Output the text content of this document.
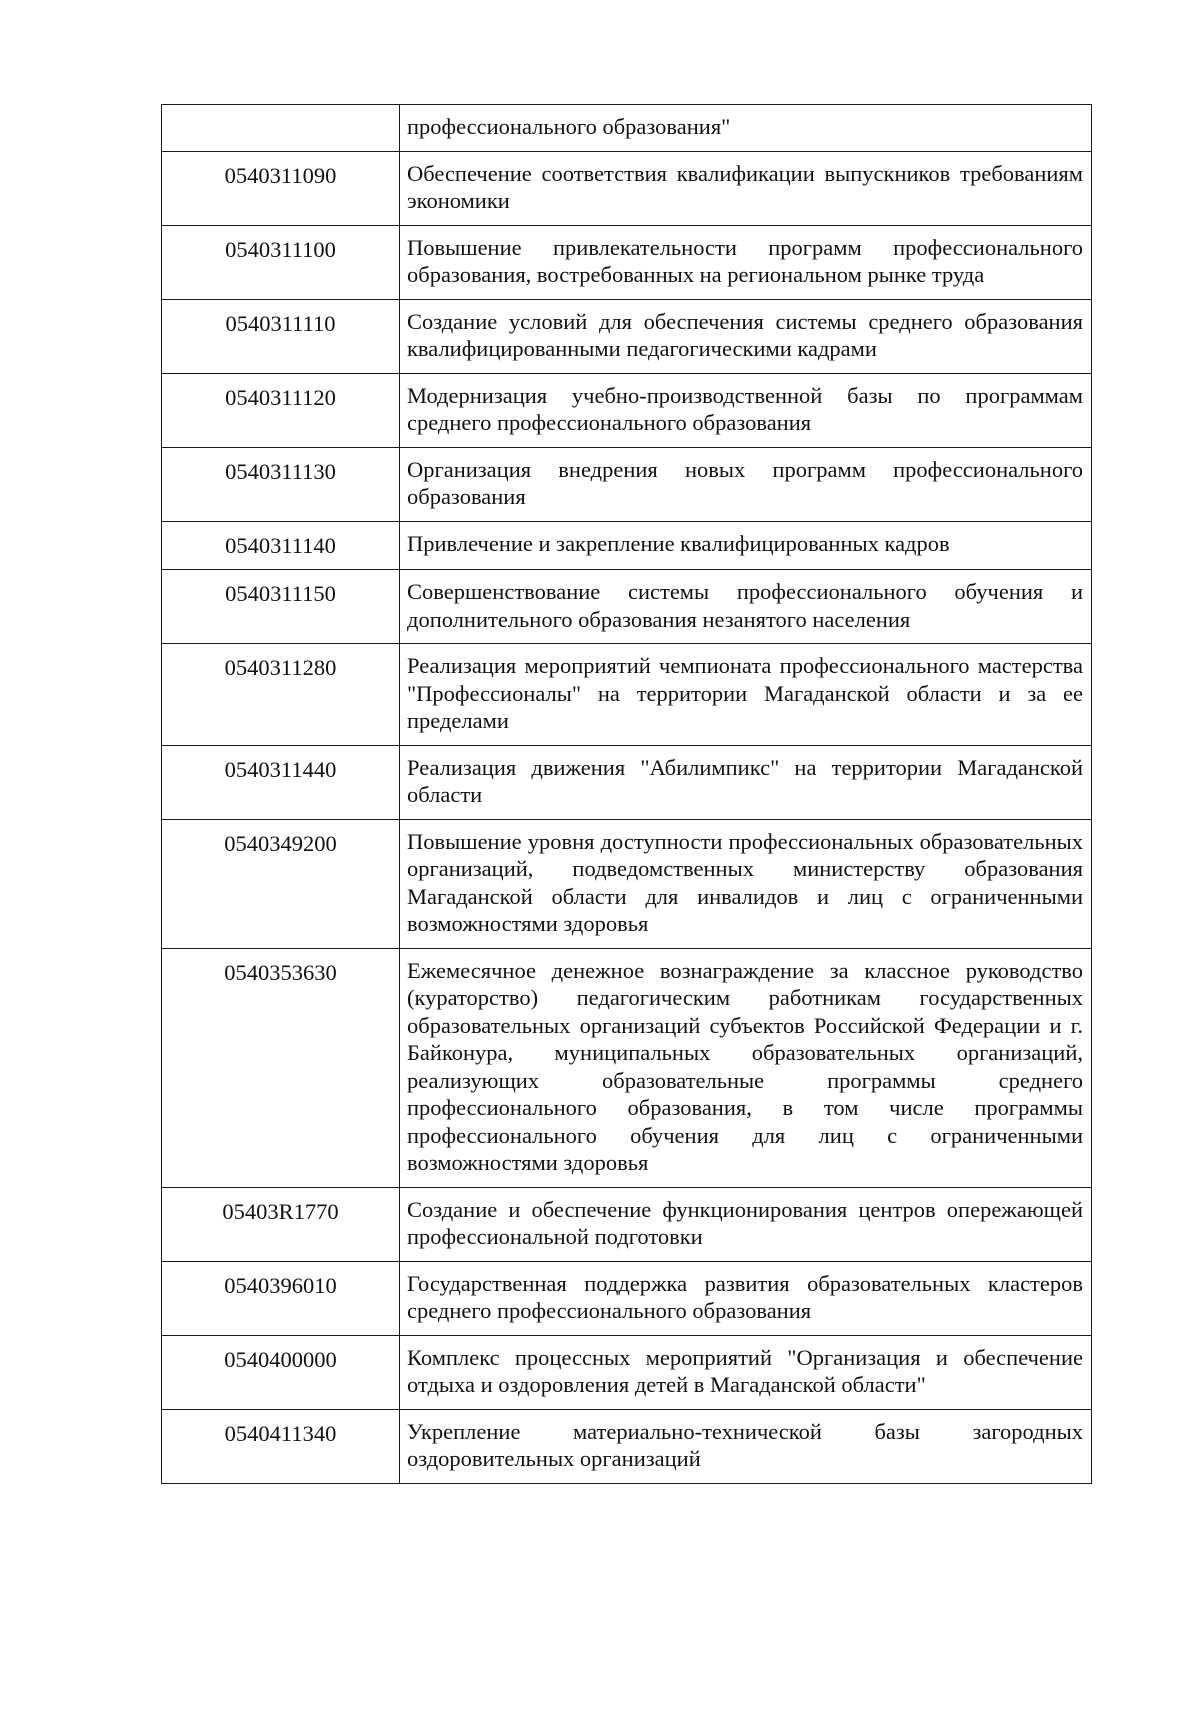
	профессионального образования"
0540311090	Обеспечение соответствия квалификации выпускников требованиям экономики
0540311100	Повышение привлекательности программ профессионального образования, востребованных на региональном рынке труда
0540311110	Создание условий для обеспечения системы среднего образования квалифицированными педагогическими кадрами
0540311120	Модернизация учебно-производственной базы по программам среднего профессионального образования
0540311130	Организация внедрения новых программ профессионального образования
0540311140	Привлечение и закрепление квалифицированных кадров
0540311150	Совершенствование системы профессионального обучения и дополнительного образования незанятого населения
0540311280	Реализация мероприятий чемпионата профессионального мастерства "Профессионалы" на территории Магаданской области и за ее пределами
0540311440	Реализация движения "Абилимпикс" на территории Магаданской области
0540349200	Повышение уровня доступности профессиональных образовательных организаций, подведомственных министерству образования Магаданской области для инвалидов и лиц с ограниченными возможностями здоровья
0540353630	Ежемесячное денежное вознаграждение за классное руководство (кураторство) педагогическим работникам государственных образовательных организаций субъектов Российской Федерации и г. Байконура, муниципальных образовательных организаций, реализующих образовательные программы среднего профессионального образования, в том числе программы профессионального обучения для лиц с ограниченными возможностями здоровья
05403R1770	Создание и обеспечение функционирования центров опережающей профессиональной подготовки
0540396010	Государственная поддержка развития образовательных кластеров среднего профессионального образования
0540400000	Комплекс процессных мероприятий "Организация и обеспечение отдыха и оздоровления детей в Магаданской области"
0540411340	Укрепление материально-технической базы загородных оздоровительных организаций
